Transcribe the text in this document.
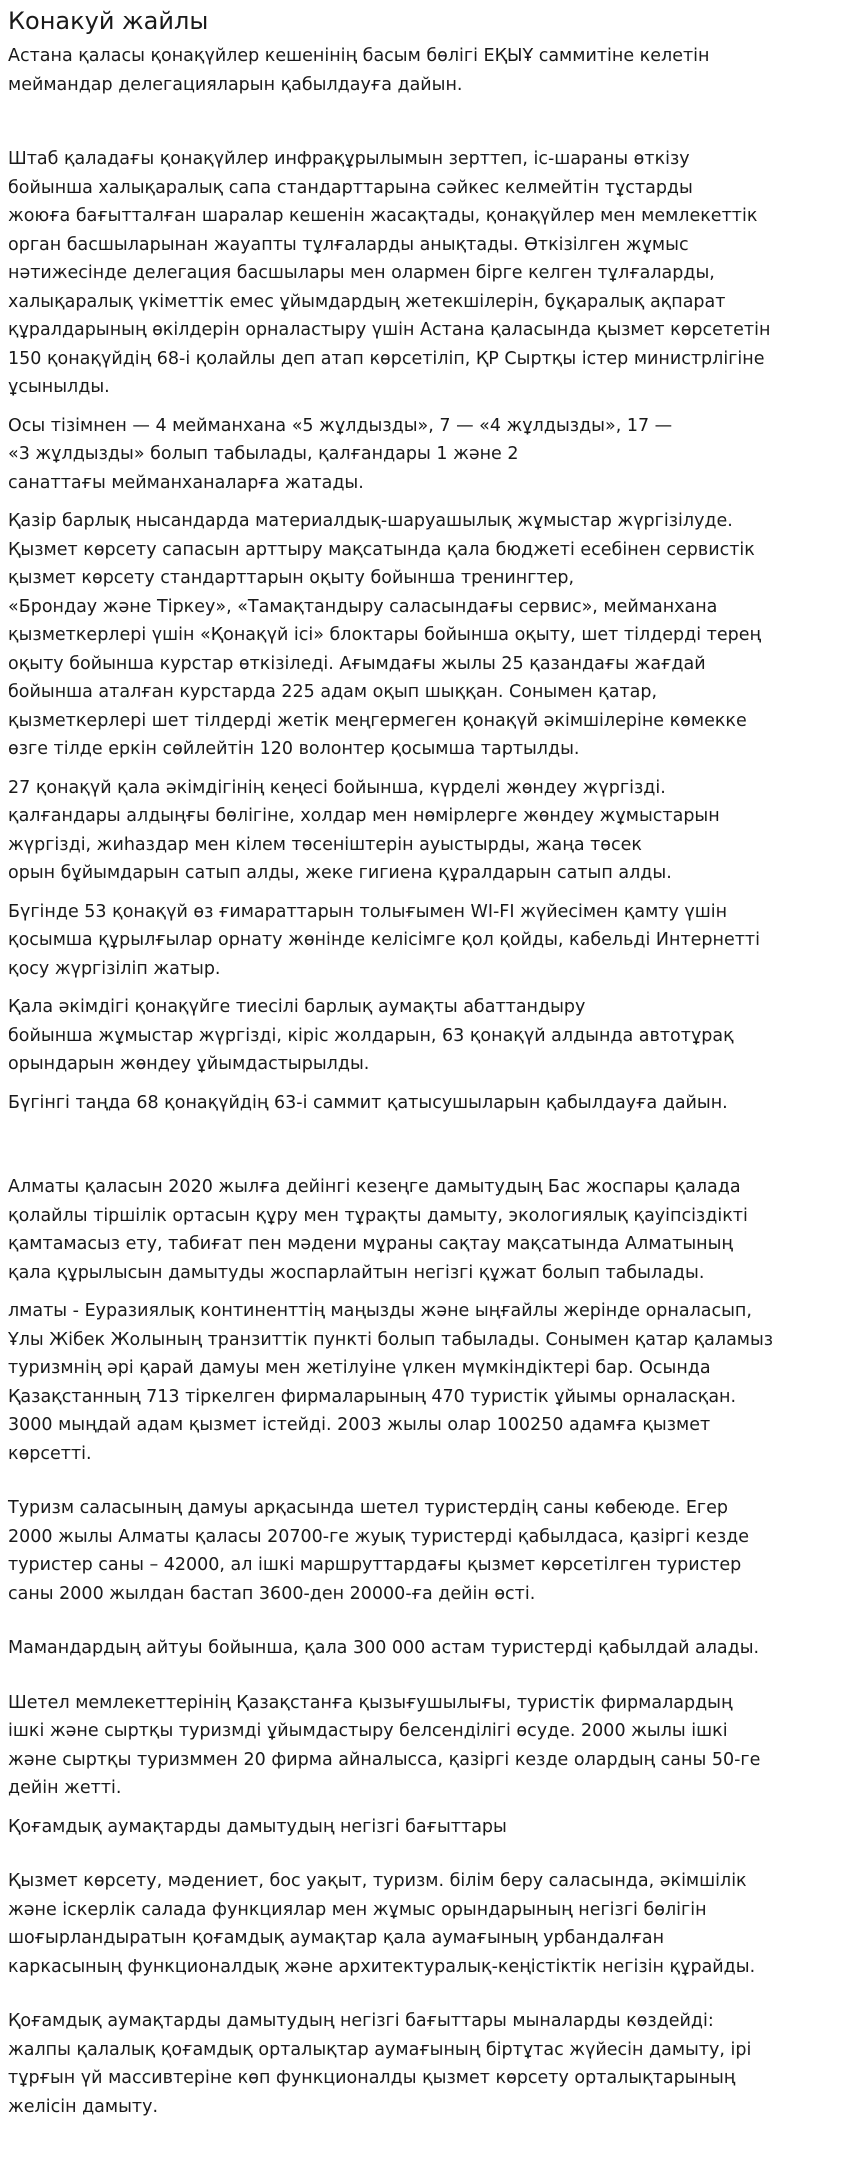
Конакуй жайлы

Астана қаласы қонақүйлер кешенінің басым бөлігі ЕҚЫҰ саммитіне келетін
меймандар делегацияларын қабылдауға дайын.

Штаб қаладағы қонақүйлер инфрақұрылымын зерттеп, іс-шараны өткізу
бойынша халықаралық сапа стандарттарына сәйкес келмейтін тұстарды
жоюға бағытталған шаралар кешенін жасақтады, қонақүйлер мен мемлекеттік
орган басшыларынан жауапты тұлғаларды анықтады. Өткізілген жұмыс
нәтижесінде делегация басшылары мен олармен бірге келген тұлғаларды,
халықаралық үкіметтік емес ұйымдардың жетекшілерін, бұқаралық ақпарат
құралдарының өкілдерін орналастыру үшін Астана қаласында қызмет көрсететін
150 қонақүйдің 68-і қолайлы деп атап көрсетіліп, ҚР Сыртқы істер министрлігіне
ұсынылды.

Осы тізімнен — 4 мейманхана «5 жұлдызды», 7 — «4 жұлдызды», 17 —
«3 жұлдызды» болып табылады, қалғандары 1 және 2
санаттағы мейманханаларға жатады.

Қазір барлық нысандарда материалдық-шаруашылық жұмыстар жүргізілуде.
Қызмет көрсету сапасын арттыру мақсатында қала бюджеті есебінен сервистік
қызмет көрсету стандарттарын оқыту бойынша тренингтер,
«Брондау және Тіркеу», «Тамақтандыру саласындағы сервис», мейманхана
қызметкерлері үшін «Қонақүй ісі» блоктары бойынша оқыту, шет тілдерді терең
оқыту бойынша курстар өткізіледі. Ағымдағы жылы 25 қазандағы жағдай
бойынша аталған курстарда 225 адам оқып шыққан. Сонымен қатар,
қызметкерлері шет тілдерді жетік меңгермеген қонақүй әкімшілеріне көмекке
өзге тілде еркін сөйлейтін 120 волонтер қосымша тартылды.

27 қонақүй қала әкімдігінің кеңесі бойынша, күрделі жөндеу жүргізді.
қалғандары алдыңғы бөлігіне, холдар мен нөмірлерге жөндеу жұмыстарын
жүргізді, жиһаздар мен кілем төсеніштерін ауыстырды, жаңа төсек
орын бұйымдарын сатып алды, жеке гигиена құралдарын сатып алды.

Бүгінде 53 қонақүй өз ғимараттарын толығымен WI-FI жүйесімен қамту үшін
қосымша құрылғылар орнату жөнінде келісімге қол қойды, кабельді Интернетті
қосу жүргізіліп жатыр.

Қала әкімдігі қонақүйге тиесілі барлық аумақты абаттандыру
бойынша жұмыстар жүргізді, кіріс жолдарын, 63 қонақүй алдында автотұрақ
орындарын жөндеу ұйымдастырылды.

Бүгінгі таңда 68 қонақүйдің 63-і саммит қатысушыларын қабылдауға дайын.

Алматы қаласын 2020 жылға дейінгі кезеңге дамытудың Бас жоспары қалада
қолайлы тіршілік ортасын құру мен тұрақты дамыту, экологиялық қауіпсіздікті
қамтамасыз ету, табиғат пен мәдени мұраны сақтау мақсатында Алматының
қала құрылысын дамытуды жоспарлайтын негізгі құжат болып табылады.

лматы - Еуразиялық континенттің маңызды және ыңғайлы жерінде орналасып,
Ұлы Жібек Жолының транзиттік пункті болып табылады. Сонымен қатар қаламыз
туризмнің әрі қарай дамуы мен жетілуіне үлкен мүмкіндіктері бар. Осында
Қазақстанның 713 тіркелген фирмаларының 470 туристік ұйымы орналасқан.
3000 мыңдай адам қызмет істейді. 2003 жылы олар 100250 адамға қызмет
көрсетті.

Туризм саласының дамуы арқасында шетел туристердің саны көбеюде. Егер
2000 жылы Алматы қаласы 20700-ге жуық туристерді қабылдаса, қазіргі кезде
туристер саны – 42000, ал ішкі маршруттардағы қызмет көрсетілген туристер
саны 2000 жылдан бастап 3600-ден 20000-ға дейін өсті.

Мамандардың айтуы бойынша, қала 300 000 астам туристерді қабылдай алады.

Шетел мемлекеттерінің Қазақстанға қызығушылығы, туристік фирмалардың
ішкі және сыртқы туризмді ұйымдастыру белсенділігі өсуде. 2000 жылы ішкі
және сыртқы туризммен 20 фирма айналысса, қазіргі кезде олардың саны 50-ге
дейін жетті.

Қоғамдық аумақтарды дамытудың негізгі бағыттары

Қызмет көрсету, мәдениет, бос уақыт, туризм. білім беру саласында, әкімшілік
және іскерлік салада функциялар мен жұмыс орындарының негізгі бөлігін
шоғырландыратын қоғамдық аумақтар қала аумағының урбандалған
каркасының функционалдық және архитектуралық-кеңістіктік негізін құрайды.

Қоғамдық аумақтарды дамытудың негізгі бағыттары мыналарды көздейді:
жалпы қалалық қоғамдық орталықтар аумағының біртұтас жүйесін дамыту, ірі
тұрғын үй массивтеріне көп функционалды қызмет көрсету орталықтарының
желісін дамыту.
